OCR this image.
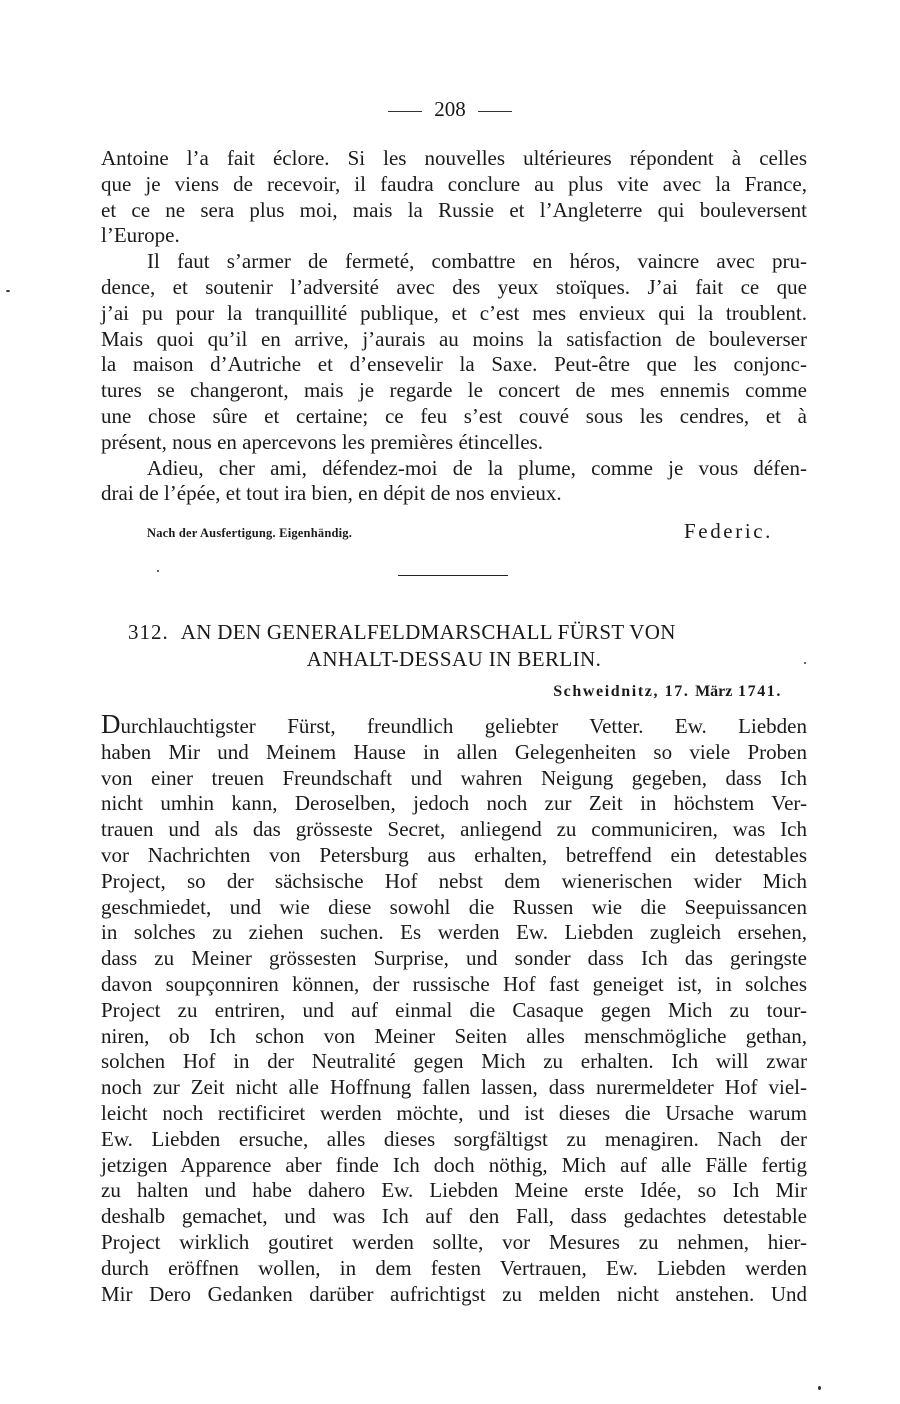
208
Antoine l’a fait éclore. Si les nouvelles ultérieures répondent à celles
que je viens de recevoir, il faudra conclure au plus vite avec la France,
et ce ne sera plus moi, mais la Russie et l’Angleterre qui bouleversent
l’Europe.
Il faut s’armer de fermeté, combattre en héros, vaincre avec pru-
dence, et soutenir l’adversité avec des yeux stoïques. J’ai fait ce que
j’ai pu pour la tranquillité publique, et c’est mes envieux qui la troublent.
Mais quoi qu’il en arrive, j’aurais au moins la satisfaction de bouleverser
la maison d’Autriche et d’ensevelir la Saxe. Peut-être que les conjonc-
tures se changeront, mais je regarde le concert de mes ennemis comme
une chose sûre et certaine; ce feu s’est couvé sous les cendres, et à
présent, nous en apercevons les premières étincelles.
Adieu, cher ami, défendez-moi de la plume, comme je vous défen-
drai de l’épée, et tout ira bien, en dépit de nos envieux.
Nach der Ausfertigung. Eigenhändig.	Federic.
312. AN DEN GENERALFELDMARSCHALL FÜRST VON
ANHALT-DESSAU IN BERLIN.
Schweidnitz, 17. März 1741.
Durchlauchtigster Fürst, freundlich geliebter Vetter. Ew. Liebden
haben Mir und Meinem Hause in allen Gelegenheiten so viele Proben
von einer treuen Freundschaft und wahren Neigung gegeben, dass Ich
nicht umhin kann, Deroselben, jedoch noch zur Zeit in höchstem Ver-
trauen und als das grösseste Secret, anliegend zu communiciren, was Ich
vor Nachrichten von Petersburg aus erhalten, betreffend ein detestables
Project, so der sächsische Hof nebst dem wienerischen wider Mich
geschmiedet, und wie diese sowohl die Russen wie die Seepuissancen
in solches zu ziehen suchen. Es werden Ew. Liebden zugleich ersehen,
dass zu Meiner grössesten Surprise, und sonder dass Ich das geringste
davon soupçonniren können, der russische Hof fast geneiget ist, in solches
Project zu entriren, und auf einmal die Casaque gegen Mich zu tour-
niren, ob Ich schon von Meiner Seiten alles menschmögliche gethan,
solchen Hof in der Neutralité gegen Mich zu erhalten. Ich will zwar
noch zur Zeit nicht alle Hoffnung fallen lassen, dass nurermeldeter Hof viel-
leicht noch rectificiret werden möchte, und ist dieses die Ursache warum
Ew. Liebden ersuche, alles dieses sorgfältigst zu menagiren. Nach der
jetzigen Apparence aber finde Ich doch nöthig, Mich auf alle Fälle fertig
zu halten und habe dahero Ew. Liebden Meine erste Idée, so Ich Mir
deshalb gemachet, und was Ich auf den Fall, dass gedachtes detestable
Project wirklich goutiret werden sollte, vor Mesures zu nehmen, hier-
durch eröffnen wollen, in dem festen Vertrauen, Ew. Liebden werden
Mir Dero Gedanken darüber aufrichtigst zu melden nicht anstehen. Und
